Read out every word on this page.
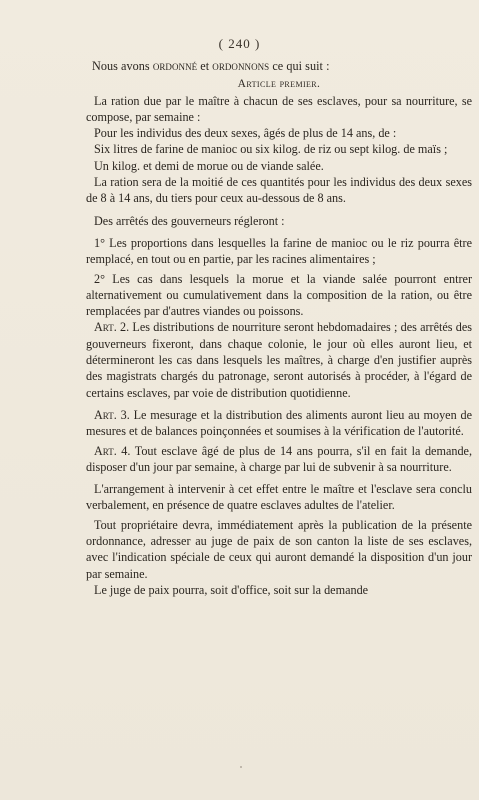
( 240 )

Nous avons ordonné et ordonnons ce qui suit :

Article premier.

La ration due par le maître à chacun de ses esclaves, pour sa nourriture, se compose, par semaine :

Pour les individus des deux sexes, âgés de plus de 14 ans, de :

Six litres de farine de manioc ou six kilog. de riz ou sept kilog. de maïs ;

Un kilog. et demi de morue ou de viande salée.

La ration sera de la moitié de ces quantités pour les individus des deux sexes de 8 à 14 ans, du tiers pour ceux au-dessous de 8 ans.

Des arrêtés des gouverneurs régleront :

1° Les proportions dans lesquelles la farine de manioc ou le riz pourra être remplacé, en tout ou en partie, par les racines alimentaires ;

2° Les cas dans lesquels la morue et la viande salée pourront entrer alternativement ou cumulativement dans la composition de la ration, ou être remplacées par d'autres viandes ou poissons.

Art. 2. Les distributions de nourriture seront hebdomadaires ; des arrêtés des gouverneurs fixeront, dans chaque colonie, le jour où elles auront lieu, et détermineront les cas dans lesquels les maîtres, à charge d'en justifier auprès des magistrats chargés du patronage, seront autorisés à procéder, à l'égard de certains esclaves, par voie de distribution quotidienne.

Art. 3. Le mesurage et la distribution des aliments auront lieu au moyen de mesures et de balances poinçonnées et soumises à la vérification de l'autorité.

Art. 4. Tout esclave âgé de plus de 14 ans pourra, s'il en fait la demande, disposer d'un jour par semaine, à charge par lui de subvenir à sa nourriture.

L'arrangement à intervenir à cet effet entre le maître et l'esclave sera conclu verbalement, en présence de quatre esclaves adultes de l'atelier.

Tout propriétaire devra, immédiatement après la publication de la présente ordonnance, adresser au juge de paix de son canton la liste de ses esclaves, avec l'indication spéciale de ceux qui auront demandé la disposition d'un jour par semaine.

Le juge de paix pourra, soit d'office, soit sur la demande
